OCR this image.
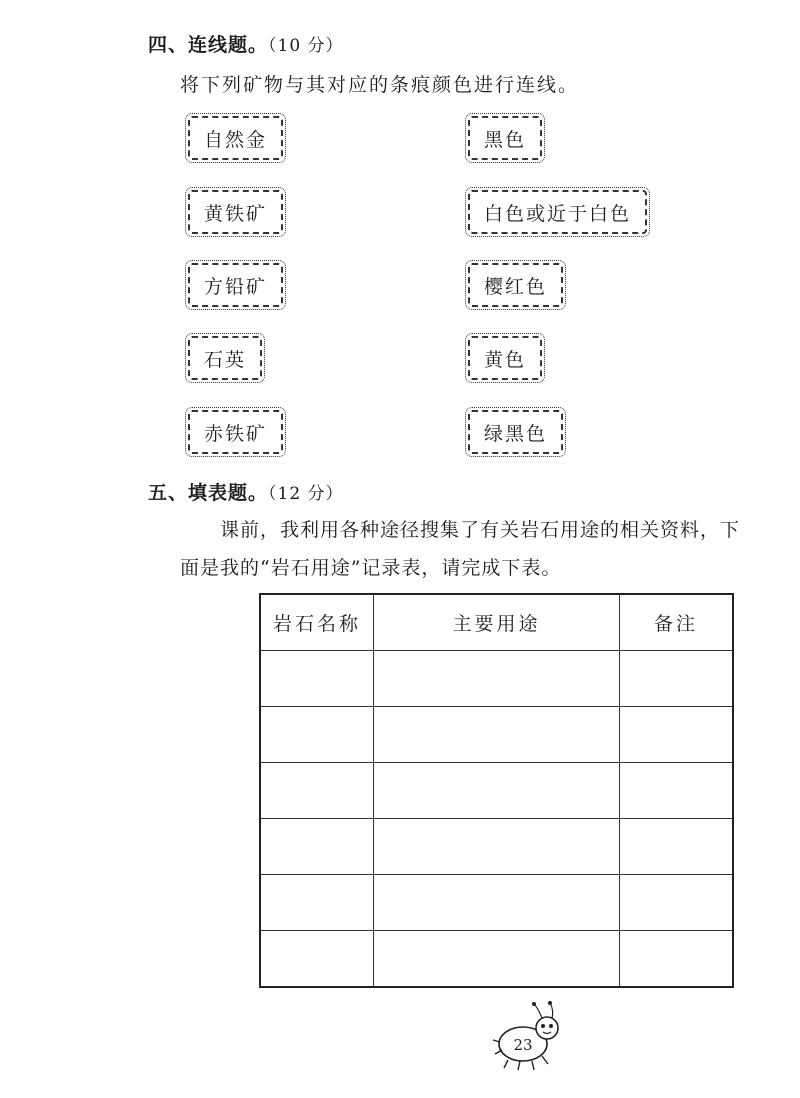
四、连线题。（10 分）
将下列矿物与其对应的条痕颜色进行连线。
自然金
黄铁矿
方铅矿
石英
赤铁矿
黑色
白色或近于白色
樱红色
黄色
绿黑色
五、填表题。（12 分）
课前，我利用各种途径搜集了有关岩石用途的相关资料，下
面是我的“岩石用途”记录表，请完成下表。
岩石名称	主要用途	备注

23
